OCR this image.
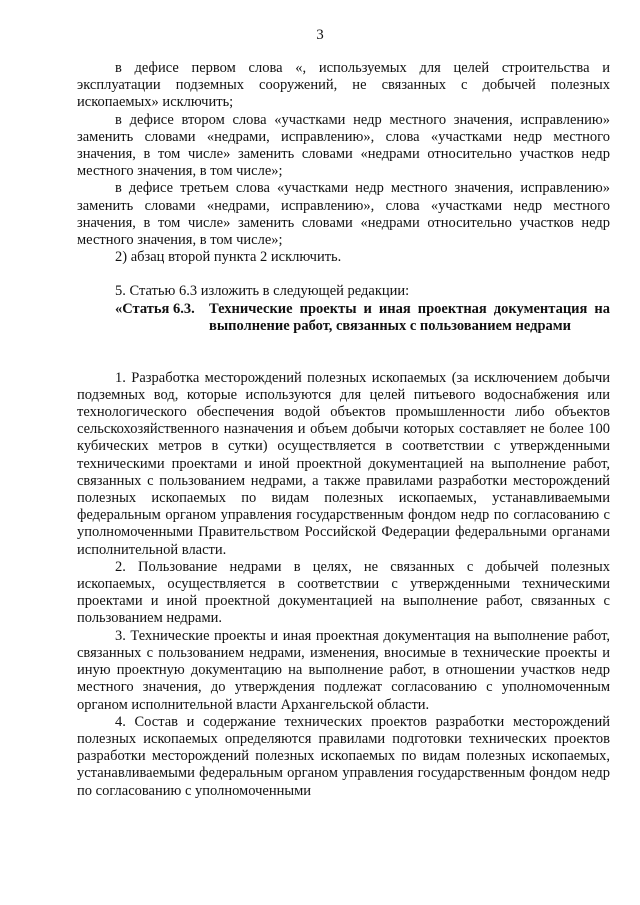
3

в дефисе первом слова «, используемых для целей строительства и эксплуатации подземных сооружений, не связанных с добычей полезных ископаемых» исключить;

в дефисе втором слова «участками недр местного значения, исправлению» заменить словами «недрами, исправлению», слова «участками недр местного значения, в том числе» заменить словами «недрами относительно участков недр местного значения, в том числе»;

в дефисе третьем слова «участками недр местного значения, исправлению» заменить словами «недрами, исправлению», слова «участками недр местного значения, в том числе» заменить словами «недрами относительно участков недр местного значения, в том числе»;

2) абзац второй пункта 2 исключить.

5. Статью 6.3 изложить в следующей редакции:

«Статья 6.3. Технические проекты и иная проектная документация на выполнение работ, связанных с пользованием недрами

1. Разработка месторождений полезных ископаемых (за исключением добычи подземных вод, которые используются для целей питьевого водоснабжения или технологического обеспечения водой объектов промышленности либо объектов сельскохозяйственного назначения и объем добычи которых составляет не более 100 кубических метров в сутки) осуществляется в соответствии с утвержденными техническими проектами и иной проектной документацией на выполнение работ, связанных с пользованием недрами, а также правилами разработки месторождений полезных ископаемых по видам полезных ископаемых, устанавливаемыми федеральным органом управления государственным фондом недр по согласованию с уполномоченными Правительством Российской Федерации федеральными органами исполнительной власти.

2. Пользование недрами в целях, не связанных с добычей полезных ископаемых, осуществляется в соответствии с утвержденными техническими проектами и иной проектной документацией на выполнение работ, связанных с пользованием недрами.

3. Технические проекты и иная проектная документация на выполнение работ, связанных с пользованием недрами, изменения, вносимые в технические проекты и иную проектную документацию на выполнение работ, в отношении участков недр местного значения, до утверждения подлежат согласованию с уполномоченным органом исполнительной власти Архангельской области.

4. Состав и содержание технических проектов разработки месторождений полезных ископаемых определяются правилами подготовки технических проектов разработки месторождений полезных ископаемых по видам полезных ископаемых, устанавливаемыми федеральным органом управления государственным фондом недр по согласованию с уполномоченными
